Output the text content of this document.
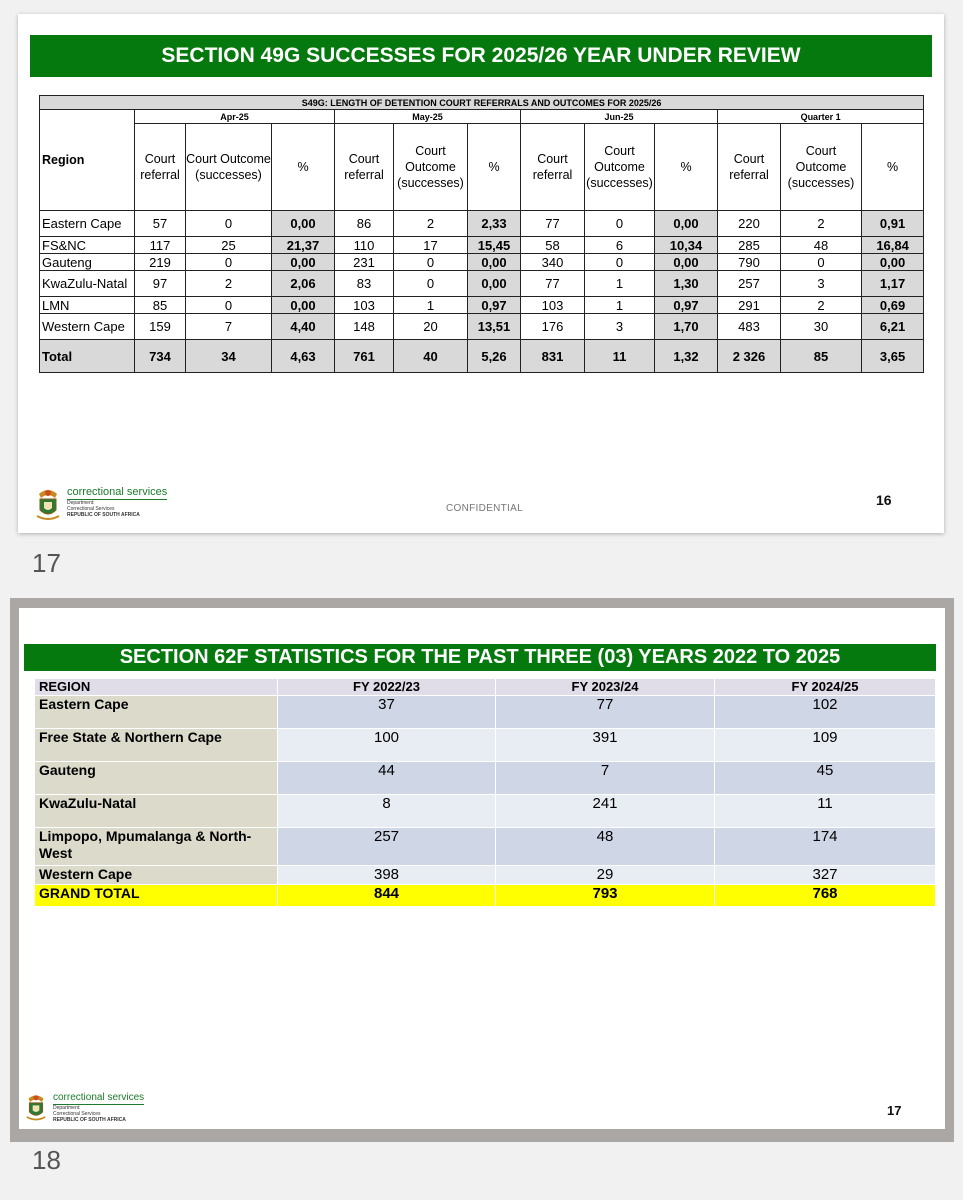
SECTION 49G SUCCESSES FOR 2025/26 YEAR UNDER REVIEW
S49G: LENGTH OF DETENTION COURT REFERRALS AND OUTCOMES FOR 2025/26												
Region	Apr-25			May-25			Jun-25			Quarter 1		
	Court referral	Court Outcome (successes)	%	Court referral	Court Outcome (successes)	%	Court referral	Court Outcome (successes)	%	Court referral	Court Outcome (successes)	%
Eastern Cape	57	0	0,00	86	2	2,33	77	0	0,00	220	2	0,91
FS&NC	117	25	21,37	110	17	15,45	58	6	10,34	285	48	16,84
Gauteng	219	0	0,00	231	0	0,00	340	0	0,00	790	0	0,00
KwaZulu-Natal	97	2	2,06	83	0	0,00	77	1	1,30	257	3	1,17
LMN	85	0	0,00	103	1	0,97	103	1	0,97	291	2	0,69
Western Cape	159	7	4,40	148	20	13,51	176	3	1,70	483	30	6,21
Total	734	34	4,63	761	40	5,26	831	11	1,32	2 326	85	3,65
correctional services
Department:
Correctional Services
REPUBLIC OF SOUTH AFRICA
CONFIDENTIAL
16
17
SECTION 62F STATISTICS FOR THE PAST THREE (03) YEARS 2022 TO 2025
REGION	FY 2022/23	FY 2023/24	FY 2024/25
Eastern Cape	37	77	102
Free State & Northern Cape	100	391	109
Gauteng	44	7	45
KwaZulu-Natal	8	241	11
Limpopo, Mpumalanga & North-West	257	48	174
Western Cape	398	29	327
GRAND TOTAL	844	793	768
correctional services
Department:
Correctional Services
REPUBLIC OF SOUTH AFRICA
17
18
